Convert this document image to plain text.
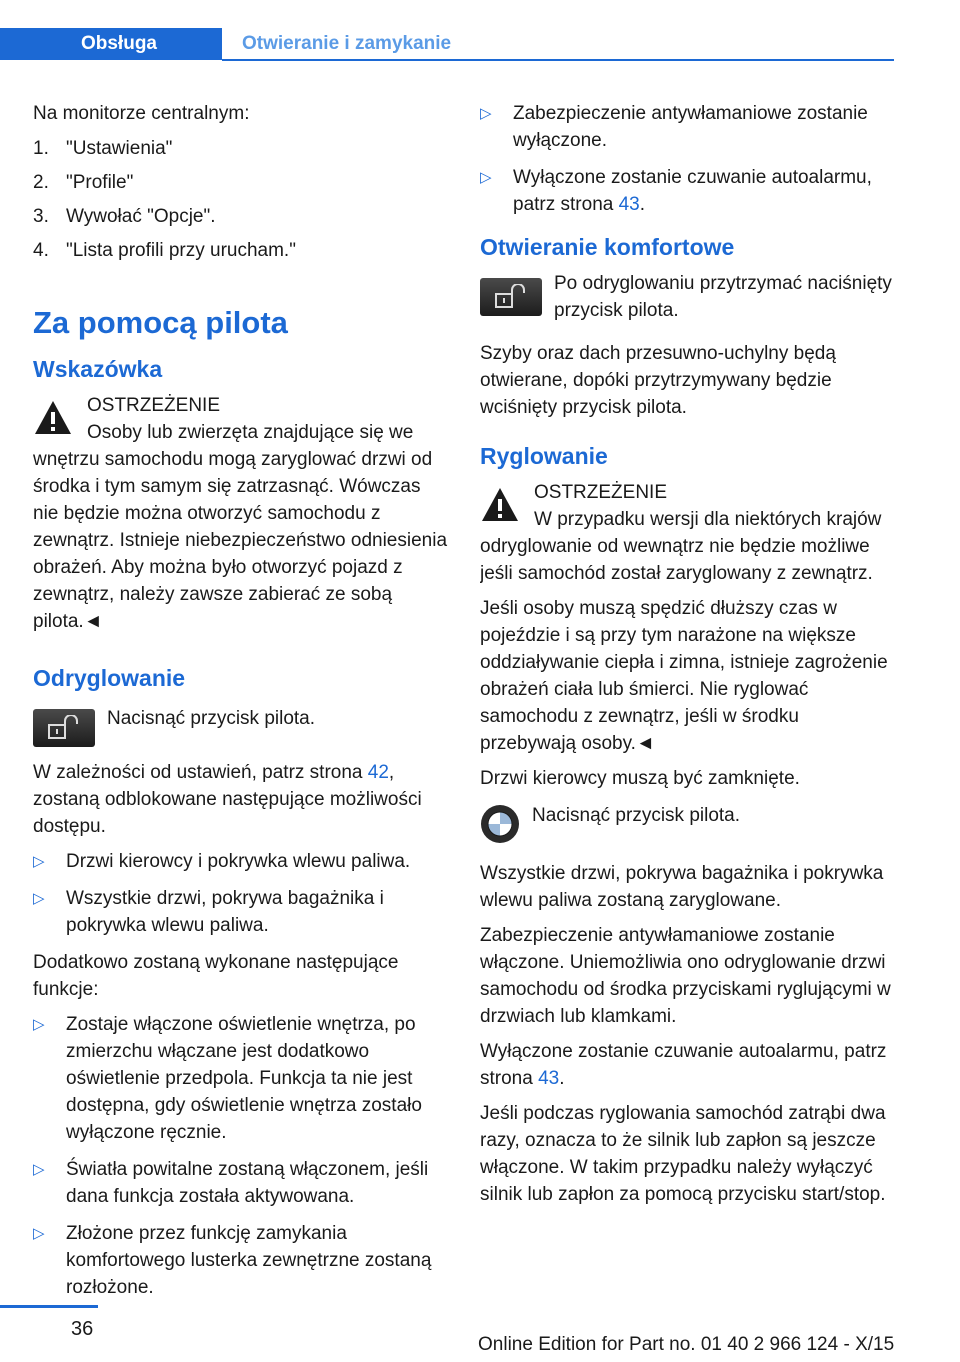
Obsługa	Otwieranie i zamykanie

Na monitorze centralnym:

1. "Ustawienia"
2. "Profile"
3. Wywołać "Opcje".
4. "Lista profili przy urucham."
Za pomocą pilota
Wskazówka

OSTRZEŻENIE

Osoby lub zwierzęta znajdujące się we wnętrzu samochodu mogą zaryglować drzwi od środka i tym samym się zatrzasnąć. Wówczas nie będzie można otworzyć samochodu z zewnątrz. Istnieje niebezpieczeństwo odniesienia obrażeń. Aby można było otworzyć pojazd z zewnątrz, należy zawsze zabierać ze sobą pilota.◄

Odryglowanie

Nacisnąć przycisk pilota.

W zależności od ustawień, patrz strona 42, zostaną odblokowane następujące możliwości dostępu.

▷ Drzwi kierowcy i pokrywka wlewu paliwa.
▷ Wszystkie drzwi, pokrywa bagażnika i pokrywka wlewu paliwa.

Dodatkowo zostaną wykonane następujące funkcje:

▷ Zostaje włączone oświetlenie wnętrza, po zmierzchu włączane jest dodatkowo oświetlenie przedpola. Funkcja ta nie jest dostępna, gdy oświetlenie wnętrza zostało wyłączone ręcznie.
▷ Światła powitalne zostaną włączonem, jeśli dana funkcja została aktywowana.
▷ Złożone przez funkcję zamykania komfortowego lusterka zewnętrzne zostaną rozłożone.
▷ Zabezpieczenie antywłamaniowe zostanie wyłączone.
▷ Wyłączone zostanie czuwanie autoalarmu, patrz strona 43.
Otwieranie komfortowe

Po odryglowaniu przytrzymać naciśnięty przycisk pilota.

Szyby oraz dach przesuwno-uchylny będą otwierane, dopóki przytrzymywany będzie wciśnięty przycisk pilota.

Ryglowanie

OSTRZEŻENIE

W przypadku wersji dla niektórych krajów odryglowanie od wewnątrz nie będzie możliwe jeśli samochód został zaryglowany z zewnątrz.

Jeśli osoby muszą spędzić dłuższy czas w pojeździe i są przy tym narażone na większe oddziaływanie ciepła i zimna, istnieje zagrożenie obrażeń ciała lub śmierci. Nie ryglować samochodu z zewnątrz, jeśli w środku przebywają osoby.◄

Drzwi kierowcy muszą być zamknięte.

Nacisnąć przycisk pilota.

Wszystkie drzwi, pokrywa bagażnika i pokrywka wlewu paliwa zostaną zaryglowane.

Zabezpieczenie antywłamaniowe zostanie włączone. Uniemożliwia ono odryglowanie drzwi samochodu od środka przyciskami ryglującymi w drzwiach lub klamkami.

Wyłączone zostanie czuwanie autoalarmu, patrz strona 43.

Jeśli podczas ryglowania samochód zatrąbi dwa razy, oznacza to że silnik lub zapłon są jeszcze włączone. W takim przypadku należy wyłączyć silnik lub zapłon za pomocą przycisku start/stop.

36
Online Edition for Part no. 01 40 2 966 124 - X/15
